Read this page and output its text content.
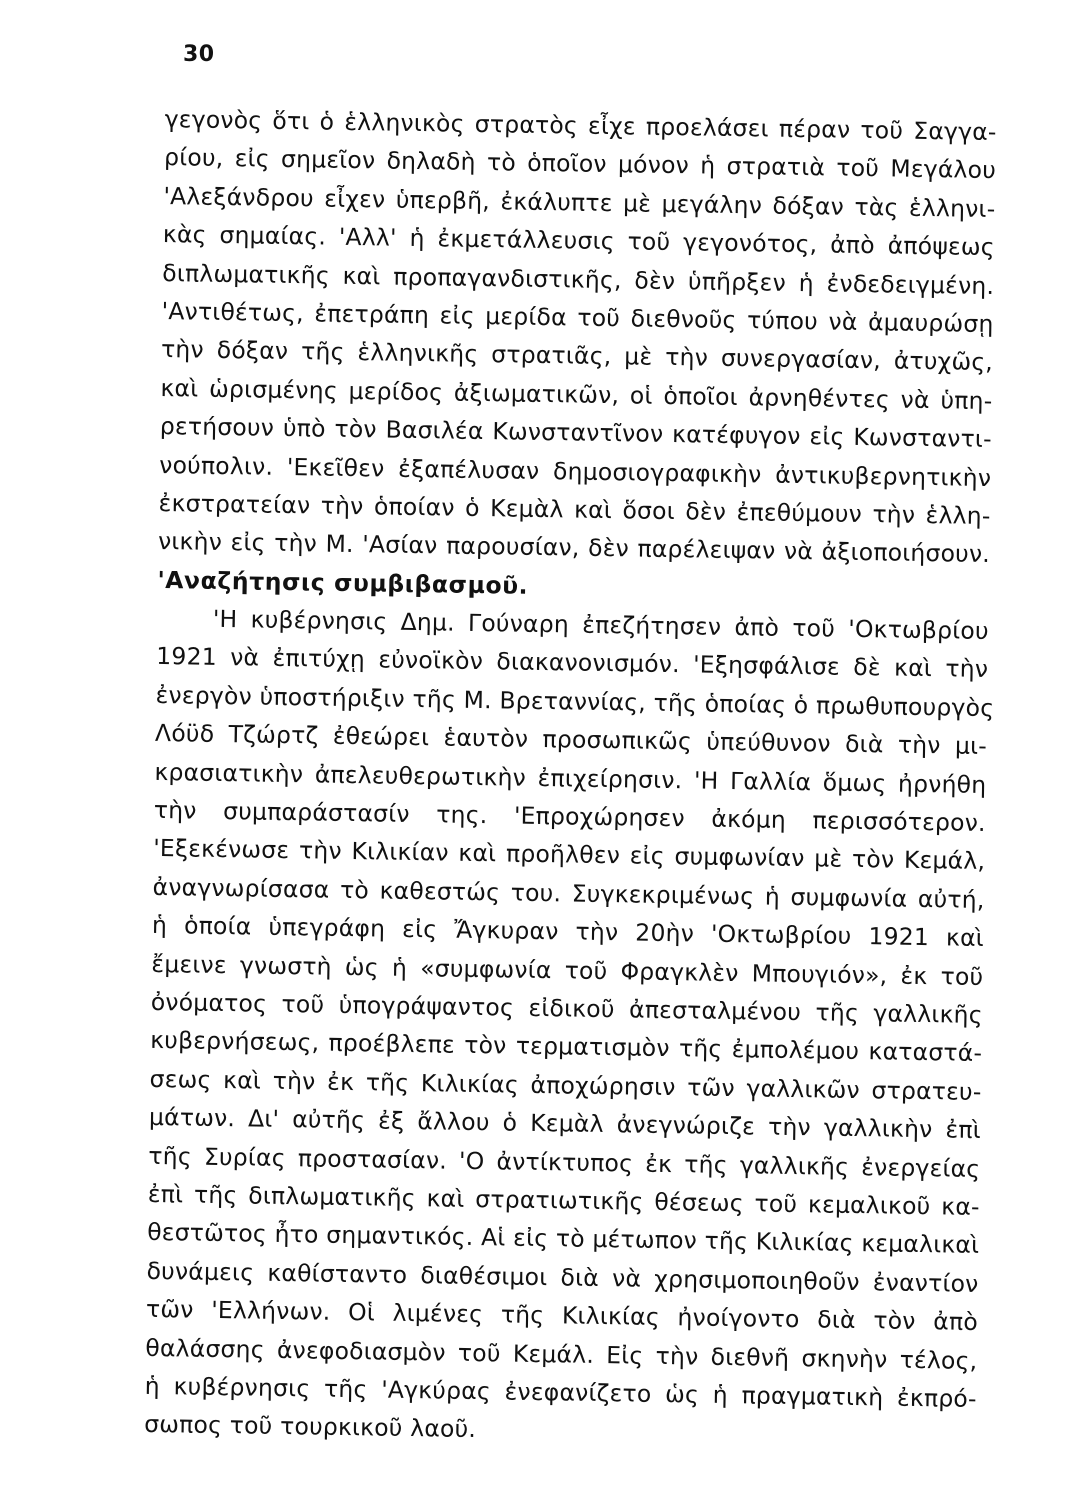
30
γεγονὸς ὅτι ὁ ἑλληνικὸς στρατὸς εἶχε προελάσει πέραν τοῦ Σαγγα-
ρίου, εἰς σημεῖον δηλαδὴ τὸ ὁποῖον μόνον ἡ στρατιὰ τοῦ Μεγάλου
'Αλεξάνδρου εἶχεν ὑπερβῆ, ἐκάλυπτε μὲ μεγάλην δόξαν τὰς ἑλληνι-
κὰς σημαίας. 'Αλλ' ἡ ἐκμετάλλευσις τοῦ γεγονότος, ἀπὸ ἀπόψεως
διπλωματικῆς καὶ προπαγανδιστικῆς, δὲν ὑπῆρξεν ἡ ἐνδεδειγμένη.
'Αντιθέτως, ἐπετράπη εἰς μερίδα τοῦ διεθνοῦς τύπου νὰ ἀμαυρώσῃ
τὴν δόξαν τῆς ἑλληνικῆς στρατιᾶς, μὲ τὴν συνεργασίαν, ἀτυχῶς,
καὶ ὡρισμένης μερίδος ἀξιωματικῶν, οἱ ὁποῖοι ἀρνηθέντες νὰ ὑπη-
ρετήσουν ὑπὸ τὸν Βασιλέα Κωνσταντῖνον κατέφυγον εἰς Κωνσταντι-
νούπολιν. 'Εκεῖθεν ἐξαπέλυσαν δημοσιογραφικὴν ἀντικυβερνητικὴν
ἐκστρατείαν τὴν ὁποίαν ὁ Κεμὰλ καὶ ὅσοι δὲν ἐπεθύμουν τὴν ἑλλη-
νικὴν εἰς τὴν Μ. 'Ασίαν παρουσίαν, δὲν παρέλειψαν νὰ ἀξιοποιήσουν.
'Αναζήτησις συμβιβασμοῦ.
'Η κυβέρνησις Δημ. Γούναρη ἐπεζήτησεν ἀπὸ τοῦ 'Οκτωβρίου
1921 νὰ ἐπιτύχῃ εὐνοϊκὸν διακανονισμόν. 'Εξησφάλισε δὲ καὶ τὴν
ἐνεργὸν ὑποστήριξιν τῆς Μ. Βρεταννίας, τῆς ὁποίας ὁ πρωθυπουργὸς
Λόϋδ Τζώρτζ ἐθεώρει ἑαυτὸν προσωπικῶς ὑπεύθυνον διὰ τὴν μι-
κρασιατικὴν ἀπελευθερωτικὴν ἐπιχείρησιν. 'Η Γαλλία ὅμως ἠρνήθη
τὴν συμπαράστασίν της. 'Επροχώρησεν ἀκόμη περισσότερον.
'Εξεκένωσε τὴν Κιλικίαν καὶ προῆλθεν εἰς συμφωνίαν μὲ τὸν Κεμάλ,
ἀναγνωρίσασα τὸ καθεστώς του. Συγκεκριμένως ἡ συμφωνία αὐτή,
ἡ ὁποία ὑπεγράφη εἰς Ἄγκυραν τὴν 20ὴν 'Οκτωβρίου 1921 καὶ
ἔμεινε γνωστὴ ὡς ἡ «συμφωνία τοῦ Φραγκλὲν Μπουγιόν», ἐκ τοῦ
ὀνόματος τοῦ ὑπογράψαντος εἰδικοῦ ἀπεσταλμένου τῆς γαλλικῆς
κυβερνήσεως, προέβλεπε τὸν τερματισμὸν τῆς ἐμπολέμου καταστά-
σεως καὶ τὴν ἐκ τῆς Κιλικίας ἀποχώρησιν τῶν γαλλικῶν στρατευ-
μάτων. Δι' αὐτῆς ἐξ ἄλλου ὁ Κεμὰλ ἀνεγνώριζε τὴν γαλλικὴν ἐπὶ
τῆς Συρίας προστασίαν. 'Ο ἀντίκτυπος ἐκ τῆς γαλλικῆς ἐνεργείας
ἐπὶ τῆς διπλωματικῆς καὶ στρατιωτικῆς θέσεως τοῦ κεμαλικοῦ κα-
θεστῶτος ἦτο σημαντικός. Αἱ εἰς τὸ μέτωπον τῆς Κιλικίας κεμαλικαὶ
δυνάμεις καθίσταντο διαθέσιμοι διὰ νὰ χρησιμοποιηθοῦν ἐναντίον
τῶν 'Ελλήνων. Οἱ λιμένες τῆς Κιλικίας ἠνοίγοντο διὰ τὸν ἀπὸ
θαλάσσης ἀνεφοδιασμὸν τοῦ Κεμάλ. Εἰς τὴν διεθνῆ σκηνὴν τέλος,
ἡ κυβέρνησις τῆς 'Αγκύρας ἐνεφανίζετο ὡς ἡ πραγματικὴ ἐκπρό-
σωπος τοῦ τουρκικοῦ λαοῦ.
